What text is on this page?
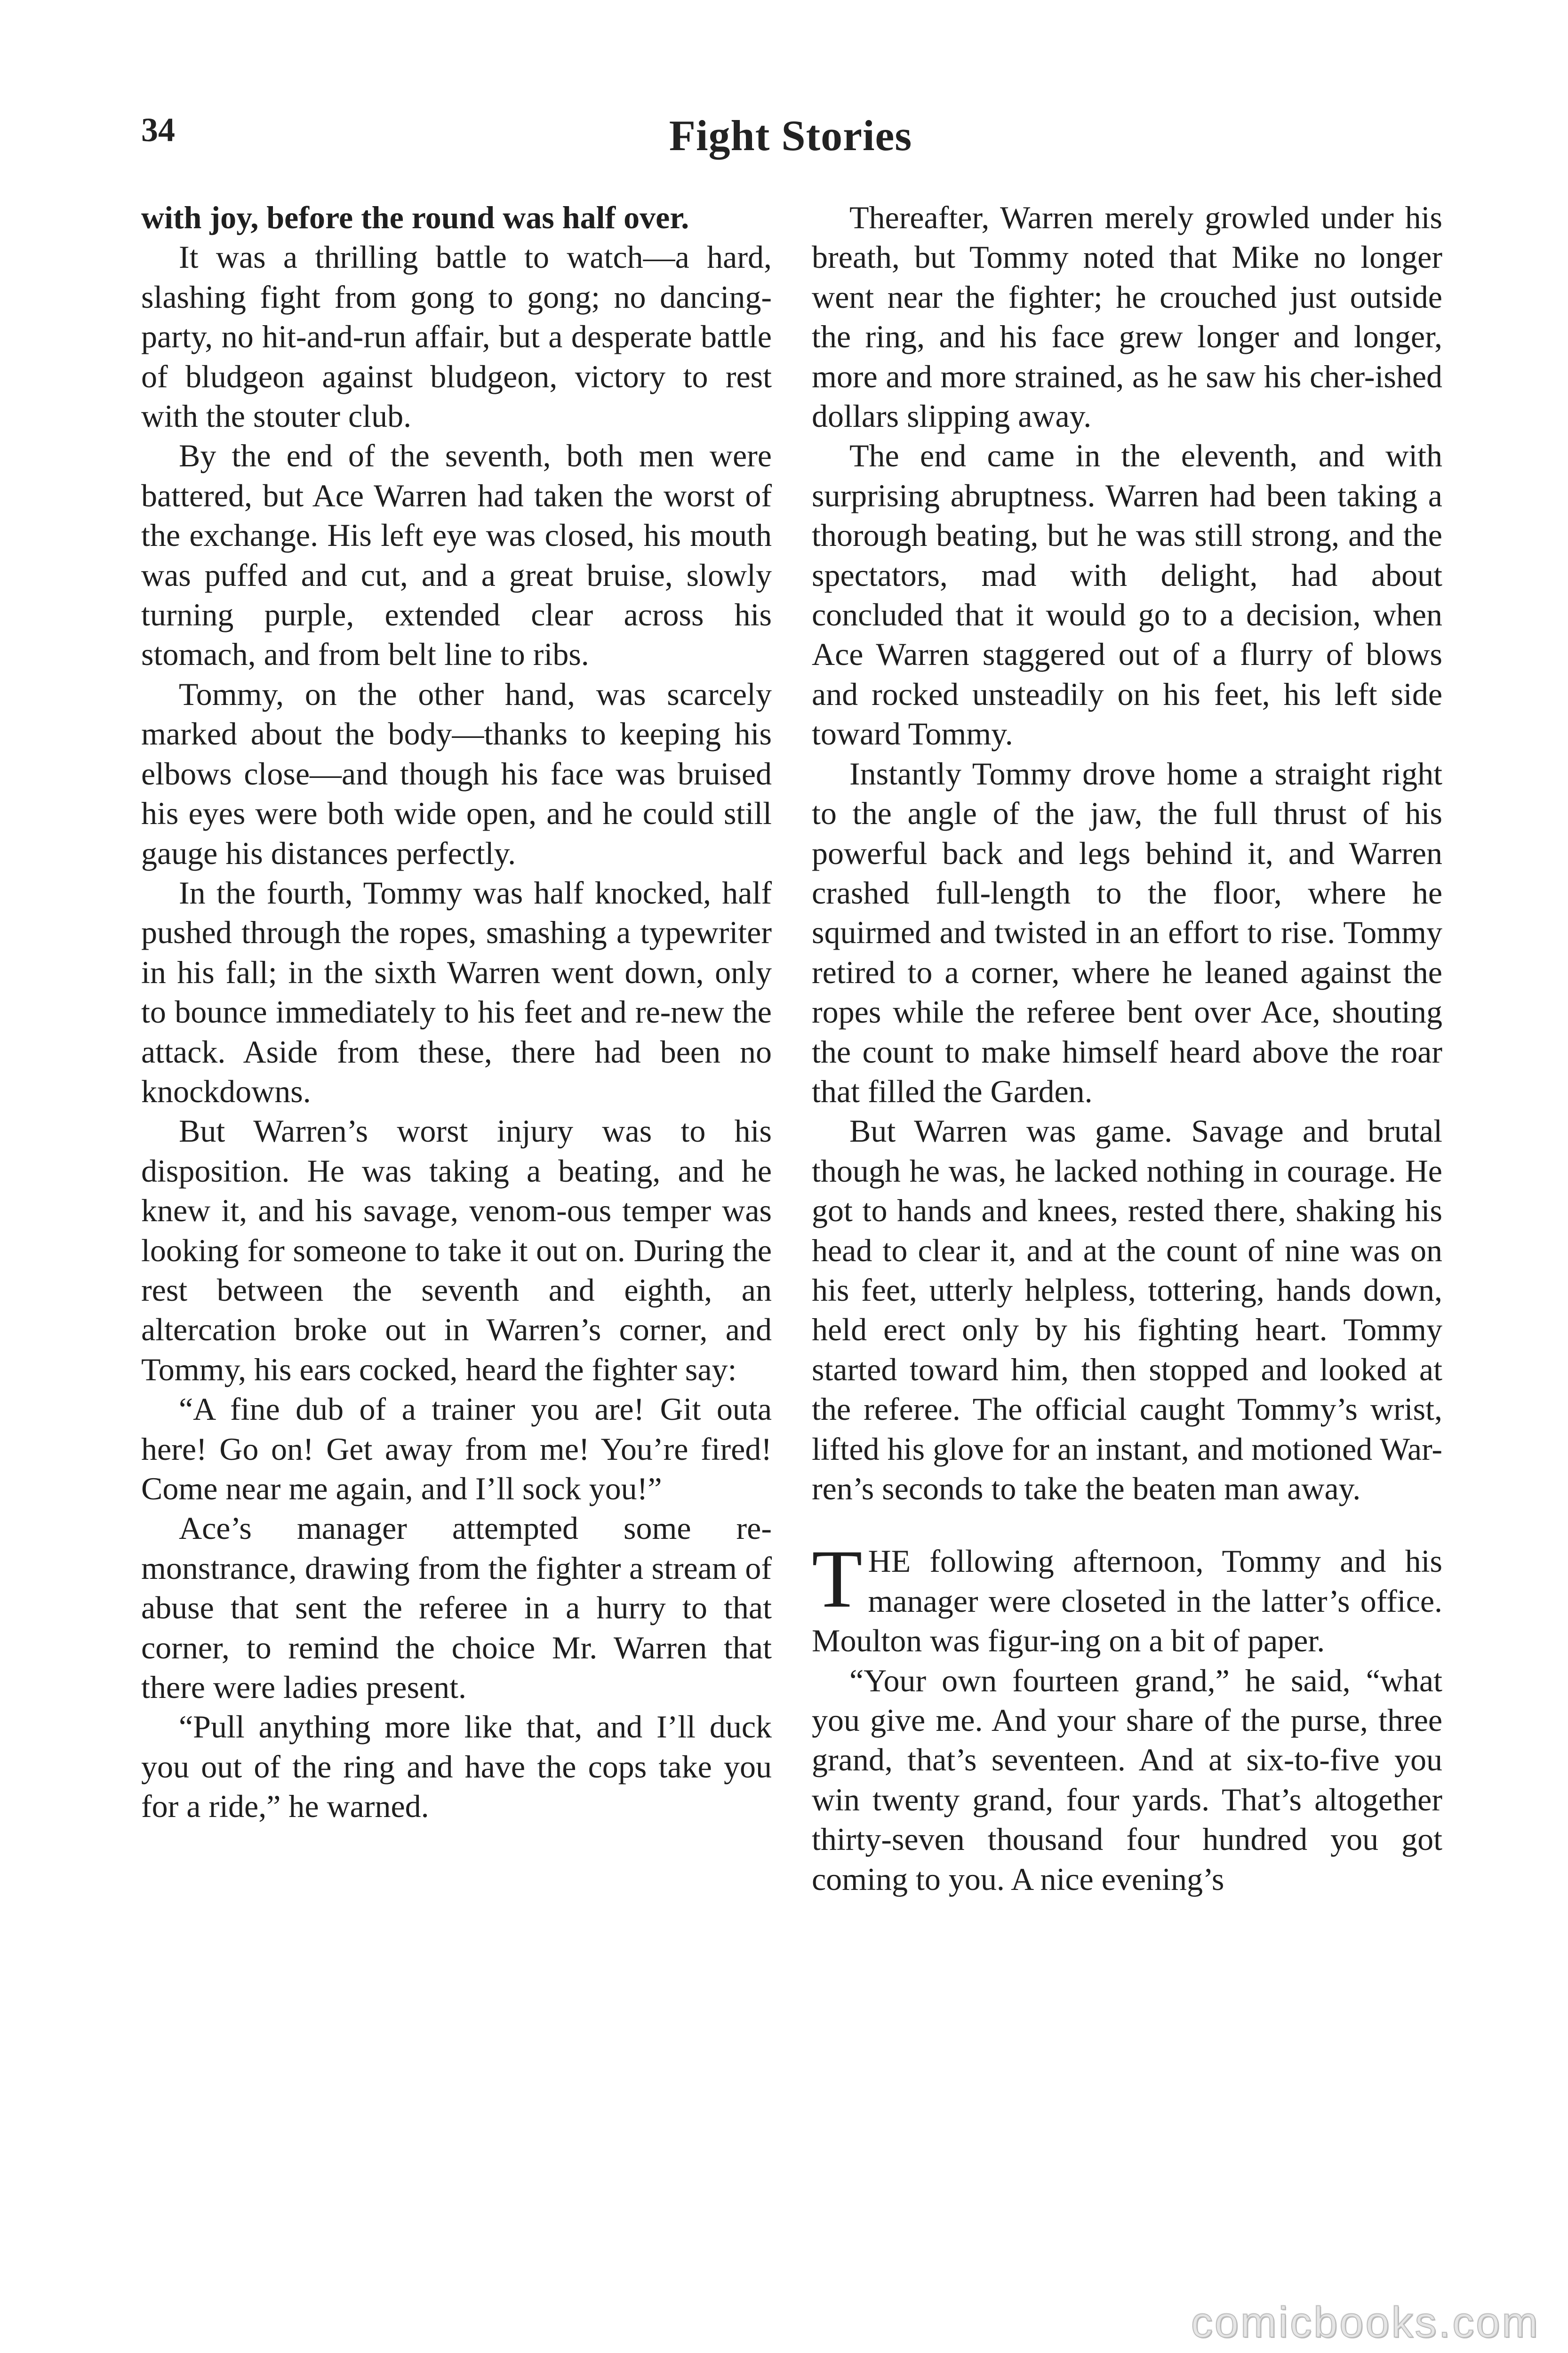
34	Fight Stories

with joy, before the round was half over.

It was a thrilling battle to watch—a hard, slashing fight from gong to gong; no dancing-party, no hit-and-run affair, but a desperate battle of bludgeon against bludgeon, victory to rest with the stouter club.

By the end of the seventh, both men were battered, but Ace Warren had taken the worst of the exchange. His left eye was closed, his mouth was puffed and cut, and a great bruise, slowly turning purple, extended clear across his stomach, and from belt line to ribs.

Tommy, on the other hand, was scarcely marked about the body—thanks to keeping his elbows close—and though his face was bruised his eyes were both wide open, and he could still gauge his distances perfectly.

In the fourth, Tommy was half knocked, half pushed through the ropes, smashing a typewriter in his fall; in the sixth Warren went down, only to bounce immediately to his feet and re-new the attack. Aside from these, there had been no knockdowns.

But Warren’s worst injury was to his disposition. He was taking a beating, and he knew it, and his savage, venom-ous temper was looking for someone to take it out on. During the rest between the seventh and eighth, an altercation broke out in Warren’s corner, and Tommy, his ears cocked, heard the fighter say:

“A fine dub of a trainer you are! Git outa here! Go on! Get away from me! You’re fired! Come near me again, and I’ll sock you!”

Ace’s manager attempted some re-monstrance, drawing from the fighter a stream of abuse that sent the referee in a hurry to that corner, to remind the choice Mr. Warren that there were ladies present.

“Pull anything more like that, and I’ll duck you out of the ring and have the cops take you for a ride,” he warned.

Thereafter, Warren merely growled under his breath, but Tommy noted that Mike no longer went near the fighter; he crouched just outside the ring, and his face grew longer and longer, more and more strained, as he saw his cher-ished dollars slipping away.

The end came in the eleventh, and with surprising abruptness. Warren had been taking a thorough beating, but he was still strong, and the spectators, mad with delight, had about concluded that it would go to a decision, when Ace Warren staggered out of a flurry of blows and rocked unsteadily on his feet, his left side toward Tommy.

Instantly Tommy drove home a straight right to the angle of the jaw, the full thrust of his powerful back and legs behind it, and Warren crashed full-length to the floor, where he squirmed and twisted in an effort to rise. Tommy retired to a corner, where he leaned against the ropes while the referee bent over Ace, shouting the count to make himself heard above the roar that filled the Garden.

But Warren was game. Savage and brutal though he was, he lacked nothing in courage. He got to hands and knees, rested there, shaking his head to clear it, and at the count of nine was on his feet, utterly helpless, tottering, hands down, held erect only by his fighting heart. Tommy started toward him, then stopped and looked at the referee. The official caught Tommy’s wrist, lifted his glove for an instant, and motioned War-ren’s seconds to take the beaten man away.

THE following afternoon, Tommy and his manager were closeted in the latter’s office. Moulton was figur-ing on a bit of paper.

“Your own fourteen grand,” he said, “what you give me. And your share of the purse, three grand, that’s seventeen. And at six-to-five you win twenty grand, four yards. That’s altogether thirty-seven thousand four hundred you got coming to you. A nice evening’s

comicbooks.com
